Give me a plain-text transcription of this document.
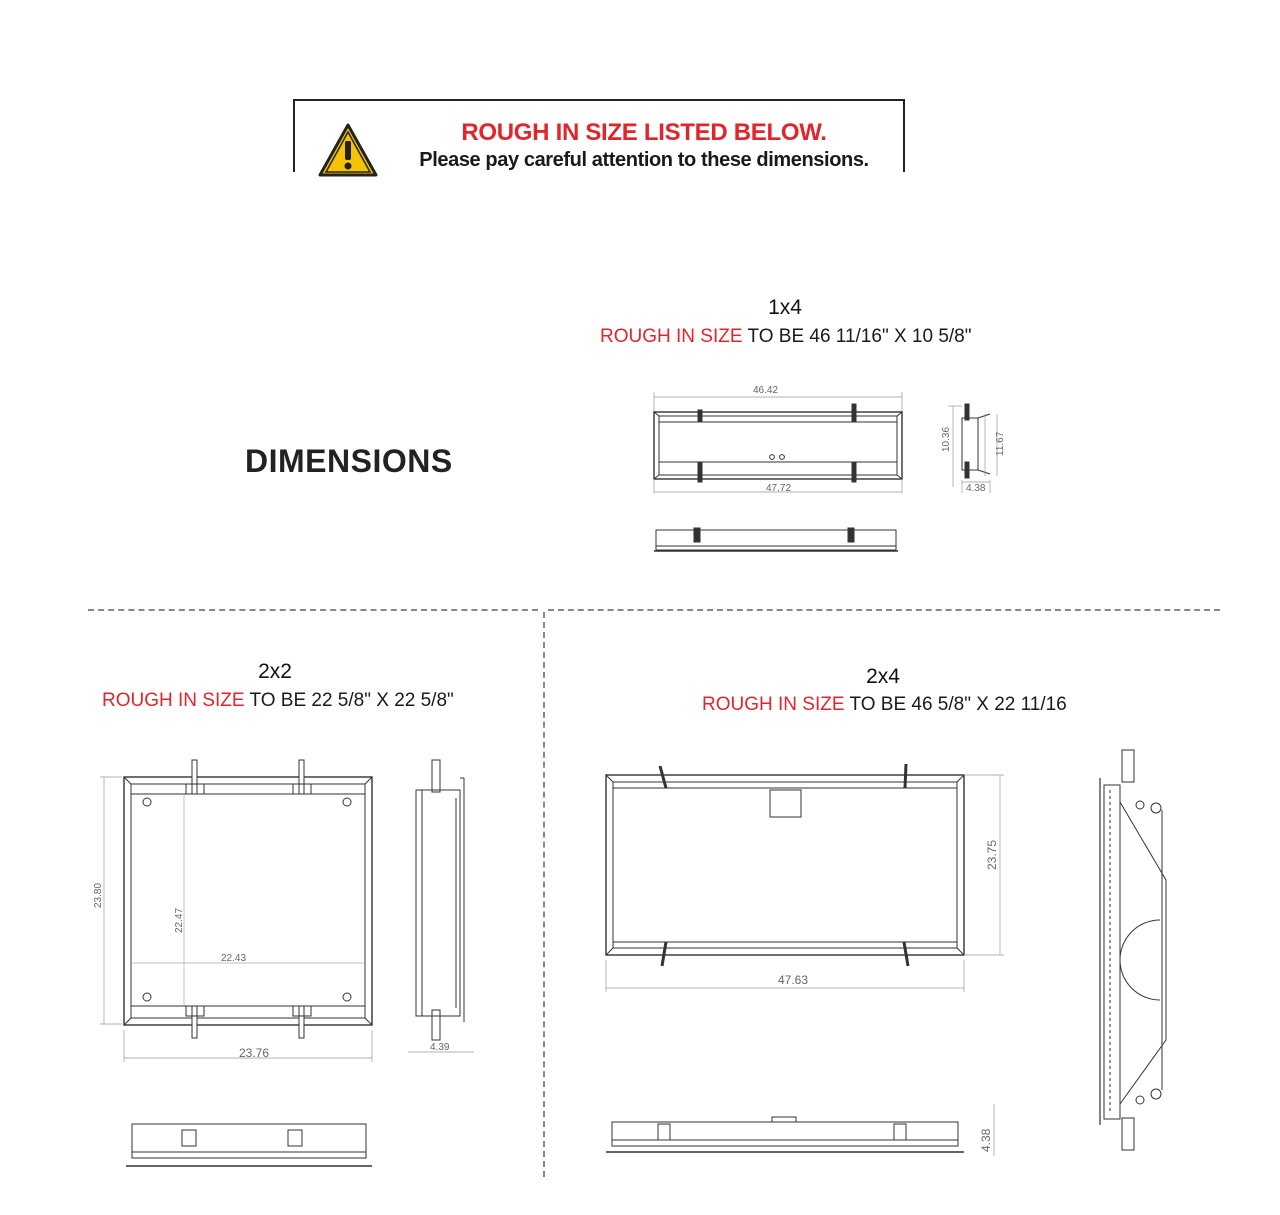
ROUGH IN SIZE LISTED BELOW.
Please pay careful attention to these dimensions.
DIMENSIONS
1x4
ROUGH IN SIZE TO BE 46 11/16" X 10 5/8"
2x2
ROUGH IN SIZE TO BE 22 5/8" X 22 5/8"
2x4
ROUGH IN SIZE TO BE 46 5/8" X 22 11/16
46.42
47.72
10.36	11.67
4.38
23.80
22.47
22.43
23.76	4.39
23.75
47.63
4.38
